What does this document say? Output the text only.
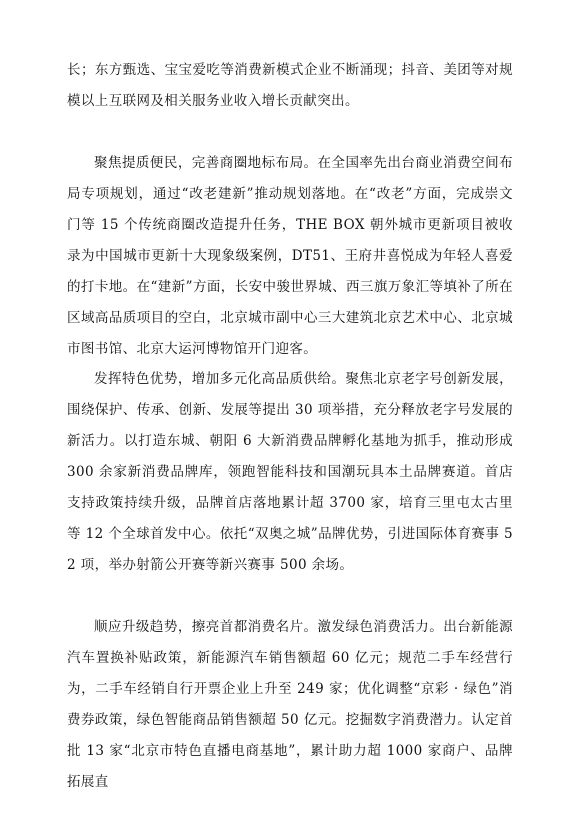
长；东方甄选、宝宝爱吃等消费新模式企业不断涌现；抖音、美团等对规模以上互联网及相关服务业收入增长贡献突出。

聚焦提质便民，完善商圈地标布局。在全国率先出台商业消费空间布局专项规划，通过“改老建新”推动规划落地。在“改老”方面，完成崇文门等 15 个传统商圈改造提升任务，THE BOX 朝外城市更新项目被收录为中国城市更新十大现象级案例，DT51、王府井喜悦成为年轻人喜爱的打卡地。在“建新”方面，长安中骏世界城、西三旗万象汇等填补了所在区域高品质项目的空白，北京城市副中心三大建筑北京艺术中心、北京城市图书馆、北京大运河博物馆开门迎客。

发挥特色优势，增加多元化高品质供给。聚焦北京老字号创新发展，围绕保护、传承、创新、发展等提出 30 项举措，充分释放老字号发展的新活力。以打造东城、朝阳 6 大新消费品牌孵化基地为抓手，推动形成 300 余家新消费品牌库，领跑智能科技和国潮玩具本土品牌赛道。首店支持政策持续升级，品牌首店落地累计超 3700 家，培育三里屯太古里等 12 个全球首发中心。依托“双奥之城”品牌优势，引进国际体育赛事 52 项，举办射箭公开赛等新兴赛事 500 余场。

顺应升级趋势，擦亮首都消费名片。激发绿色消费活力。出台新能源汽车置换补贴政策，新能源汽车销售额超 60 亿元；规范二手车经营行为，二手车经销自行开票企业上升至 249 家；优化调整“京彩 · 绿色”消费券政策，绿色智能商品销售额超 50 亿元。挖掘数字消费潜力。认定首批 13 家“北京市特色直播电商基地”，累计助力超 1000 家商户、品牌拓展直
